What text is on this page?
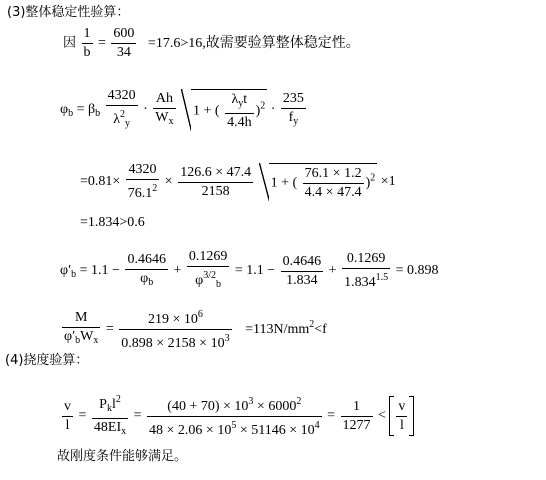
(3)整体稳定性验算：
因 $\frac{1}{b} = \frac{600}{34} =17.6>16$,故需要验算整体稳定性。
$\varphi_b = \beta_b \frac{4320}{\lambda^2_y} \cdot \frac{Ah}{W_x} 1$ + ( $\frac{\lambda_yt}{4.4h} )^2 \cdot \frac{235}{f_y}$
$=0.81\times \frac{4320}{76.1^2} \times \frac{126.6 \times 47.4}{2158} 1$ + ( $\frac{76.1 \times 1.2}{4.4 \times 47.4} )^2 \times 1$
=1.834>0.6
$\varphi'_b = 1.1 - \frac{0.4646}{\varphi_b} + \frac{0.1269}{\varphi^{3/2}_b} = 1.1 - \frac{0.4646}{1.834} + \frac{0.1269}{1.834^{1.5}} = 0.898$
$\frac{M}{\varphi'_bW_x} = \frac{219 \times 10^6}{0.898 \times 2158 \times 10^3} =113N/mm^2<f$
(4)挠度验算：
$\frac{v}{l} = \frac{P_kl^2}{48EI_x} = \frac{(40 + 70) \times 10^3 \times 6000^2}{48 \times 2.06 \times 10^5 \times 51146 \times 10^4} = \frac{1}{1277} < \frac{v}{l}$
故刚度条件能够满足。
